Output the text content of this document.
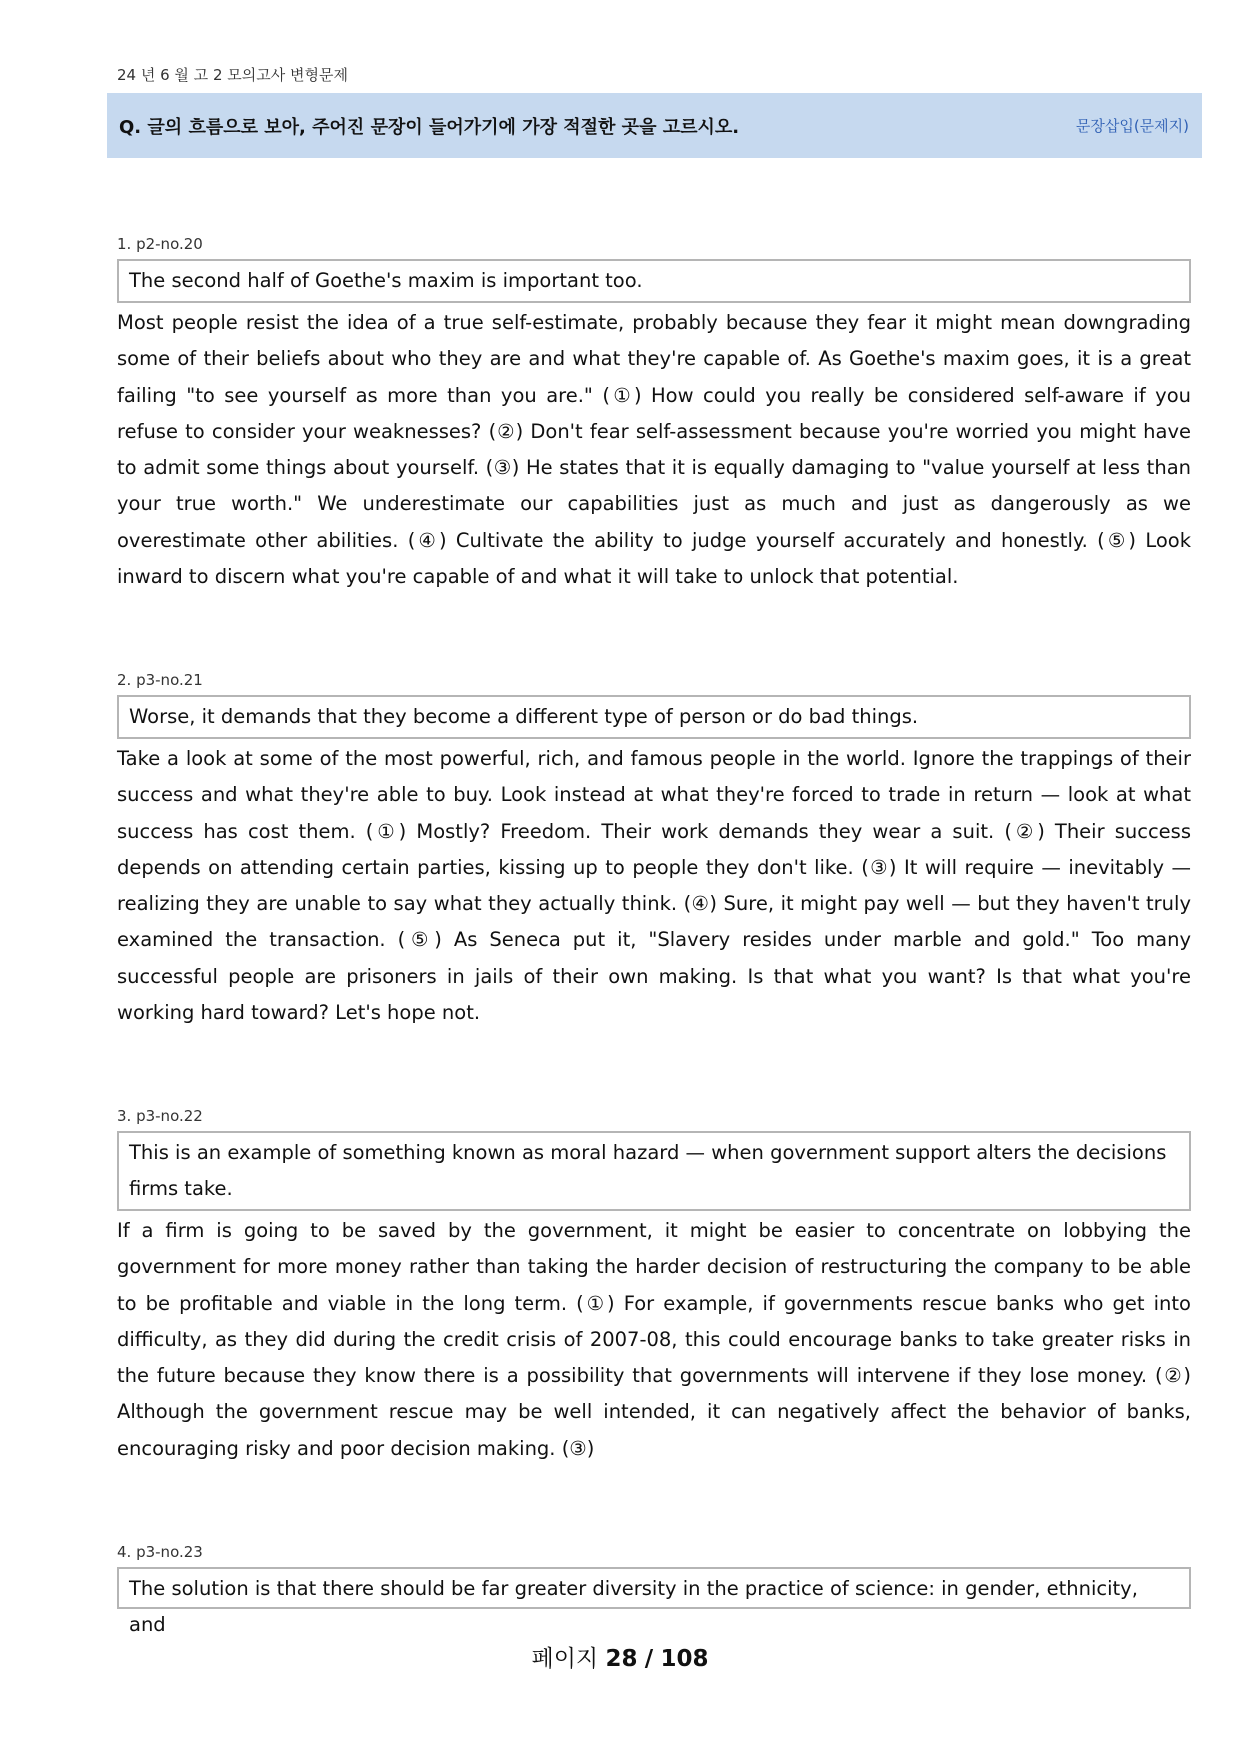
24 년 6 월 고 2 모의고사 변형문제
Q. 글의 흐름으로 보아, 주어진 문장이 들어가기에 가장 적절한 곳을 고르시오.	문장삽입(문제지)
1. p2-no.20
The second half of Goethe's maxim is important too.

Most people resist the idea of a true self-estimate, probably because they fear it might mean downgrading some of their beliefs about who they are and what they're capable of. As Goethe's maxim goes, it is a great failing "to see yourself as more than you are." (①) How could you really be considered self-aware if you refuse to consider your weaknesses? (②) Don't fear self-assessment because you're worried you might have to admit some things about yourself. (③) He states that it is equally damaging to "value yourself at less than your true worth." We underestimate our capabilities just as much and just as dangerously as we overestimate other abilities. (④) Cultivate the ability to judge yourself accurately and honestly. (⑤) Look inward to discern what you're capable of and what it will take to unlock that potential.

2. p3-no.21
Worse, it demands that they become a different type of person or do bad things.

Take a look at some of the most powerful, rich, and famous people in the world. Ignore the trappings of their success and what they're able to buy. Look instead at what they're forced to trade in return — look at what success has cost them. (①) Mostly? Freedom. Their work demands they wear a suit. (②) Their success depends on attending certain parties, kissing up to people they don't like. (③) It will require — inevitably — realizing they are unable to say what they actually think. (④) Sure, it might pay well — but they haven't truly examined the transaction. (⑤) As Seneca put it, "Slavery resides under marble and gold." Too many successful people are prisoners in jails of their own making. Is that what you want? Is that what you're working hard toward? Let's hope not.

3. p3-no.22
This is an example of something known as moral hazard — when government support alters the decisions firms take.

If a firm is going to be saved by the government, it might be easier to concentrate on lobbying the government for more money rather than taking the harder decision of restructuring the company to be able to be profitable and viable in the long term. (①) For example, if governments rescue banks who get into difficulty, as they did during the credit crisis of 2007-08, this could encourage banks to take greater risks in the future because they know there is a possibility that governments will intervene if they lose money. (②) Although the government rescue may be well intended, it can negatively affect the behavior of banks, encouraging risky and poor decision making. (③)

4. p3-no.23
The solution is that there should be far greater diversity in the practice of science: in gender, ethnicity, and
페이지 28 / 108
